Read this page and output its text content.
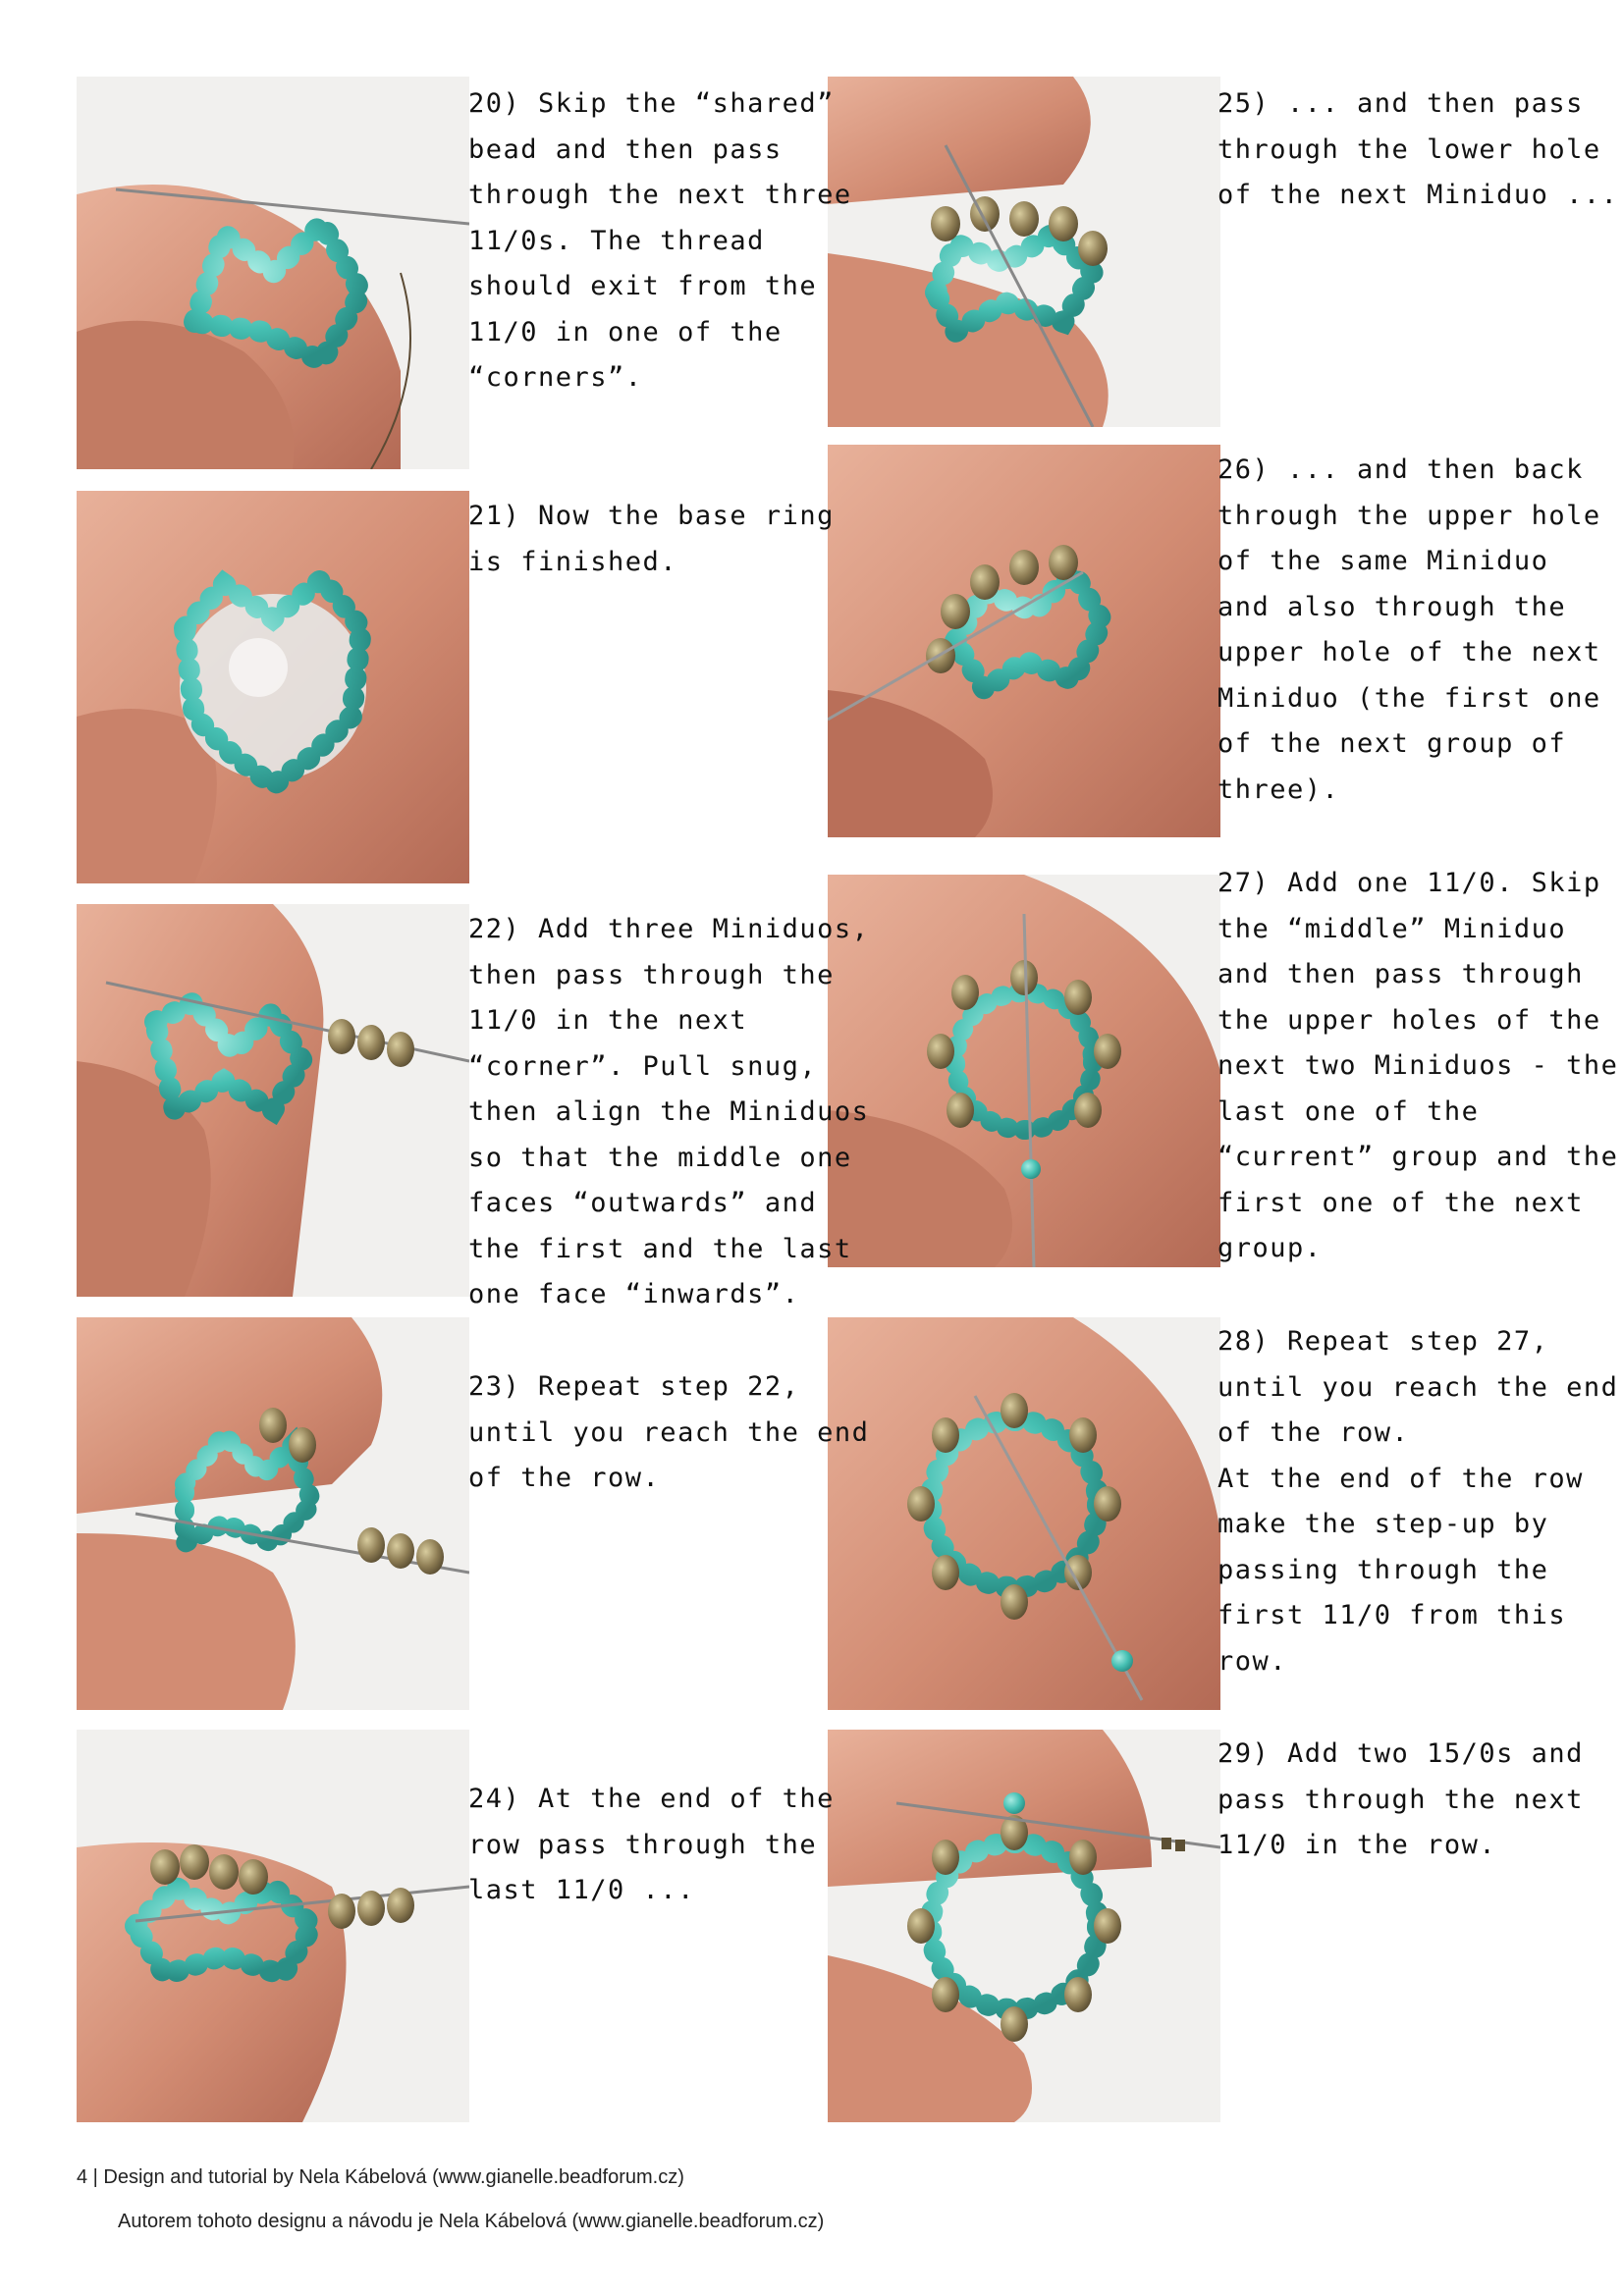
20) Skip the “shared”
bead and then pass
through the next three
11/0s. The thread
should exit from the
11/0 in one of the
“corners”.

21) Now the base ring
is finished.

22) Add three Miniduos,
then pass through the
11/0 in the next
“corner”. Pull snug,
then align the Miniduos
so that the middle one
faces “outwards” and
the first and the last
one face “inwards”.

23) Repeat step 22,
until you reach the end
of the row.

24) At the end of the
row pass through the
last 11/0 ...

25) ... and then pass
through the lower hole
of the next Miniduo ...

26) ... and then back
through the upper hole
of the same Miniduo
and also through the
upper hole of the next
Miniduo (the first one
of the next group of
three).

27) Add one 11/0. Skip
the “middle” Miniduo
and then pass through
the upper holes of the
next two Miniduos - the
last one of the
“current” group and the
first one of the next
group.

28) Repeat step 27,
until you reach the end
of the row.
At the end of the row
make the step-up by
passing through the
first 11/0 from this
row.

29) Add two 15/0s and
pass through the next
11/0 in the row.

4 | Design and tutorial by Nela Kábelová (www.gianelle.beadforum.cz)

Autorem tohoto designu a návodu je Nela Kábelová (www.gianelle.beadforum.cz)
